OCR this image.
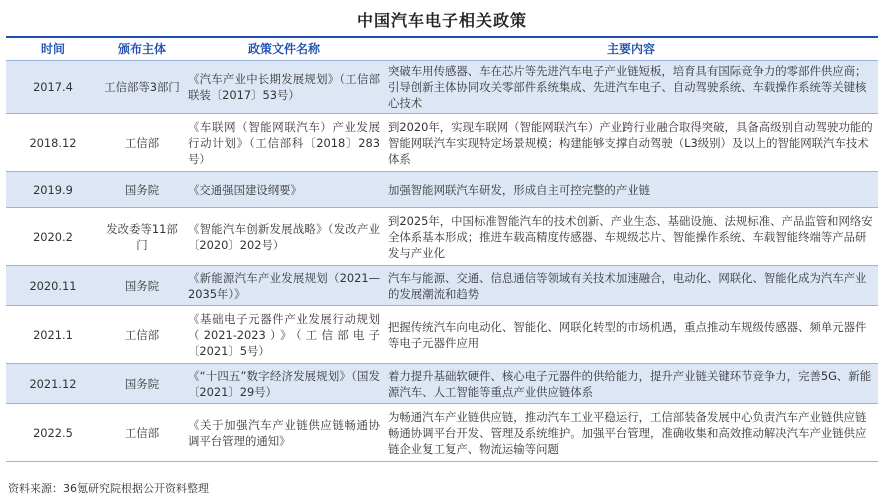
中国汽车电子相关政策
时间	颁布主体	政策文件名称	主要内容
2017.4	工信部等3部门	《汽车产业中长期发展规划》（工信部联装〔2017〕53号）	突破车用传感器、车在芯片等先进汽车电子产业链短板，培育具有国际竞争力的零部件供应商；引导创新主体协同攻关零部件系统集成、先进汽车电子、自动驾驶系统、车载操作系统等关键核心技术
2018.12	工信部	《车联网（智能网联汽车）产业发展行动计划》（工信部科〔2018〕283号）	到2020年，实现车联网（智能网联汽车）产业跨行业融合取得突破，具备高级别自动驾驶功能的智能网联汽车实现特定场景规模；构建能够支撑自动驾驶（L3级别）及以上的智能网联汽车技术体系
2019.9	国务院	《交通强国建设纲要》	加强智能网联汽车研发，形成自主可控完整的产业链
2020.2	发改委等11部门	《智能汽车创新发展战略》（发改产业〔2020〕202号）	到2025年，中国标准智能汽车的技术创新、产业生态、基础设施、法规标准、产品监管和网络安全体系基本形成；推进车载高精度传感器、车规级芯片、智能操作系统、车载智能终端等产品研发与产业化
2020.11	国务院	《新能源汽车产业发展规划（2021—2035年）》	汽车与能源、交通、信息通信等领域有关技术加速融合，电动化、网联化、智能化成为汽车产业的发展潮流和趋势
2021.1	工信部	《基础电子元器件产业发展行动规划（2021-2023）》（工信部电子〔2021〕5号）	把握传统汽车向电动化、智能化、网联化转型的市场机遇，重点推动车规级传感器、频单元器件等电子元器件应用
2021.12	国务院	《“十四五”数字经济发展规划》（国发〔2021〕29号）	着力提升基础软硬件、核心电子元器件的供给能力，提升产业链关键环节竞争力，完善5G、新能源汽车、人工智能等重点产业供应链体系
2022.5	工信部	《关于加强汽车产业链供应链畅通协调平台管理的通知》	为畅通汽车产业链供应链，推动汽车工业平稳运行，工信部装备发展中心负责汽车产业链供应链畅通协调平台开发、管理及系统维护。加强平台管理，准确收集和高效推动解决汽车产业链供应链企业复工复产、物流运输等问题
资料来源：36氪研究院根据公开资料整理
